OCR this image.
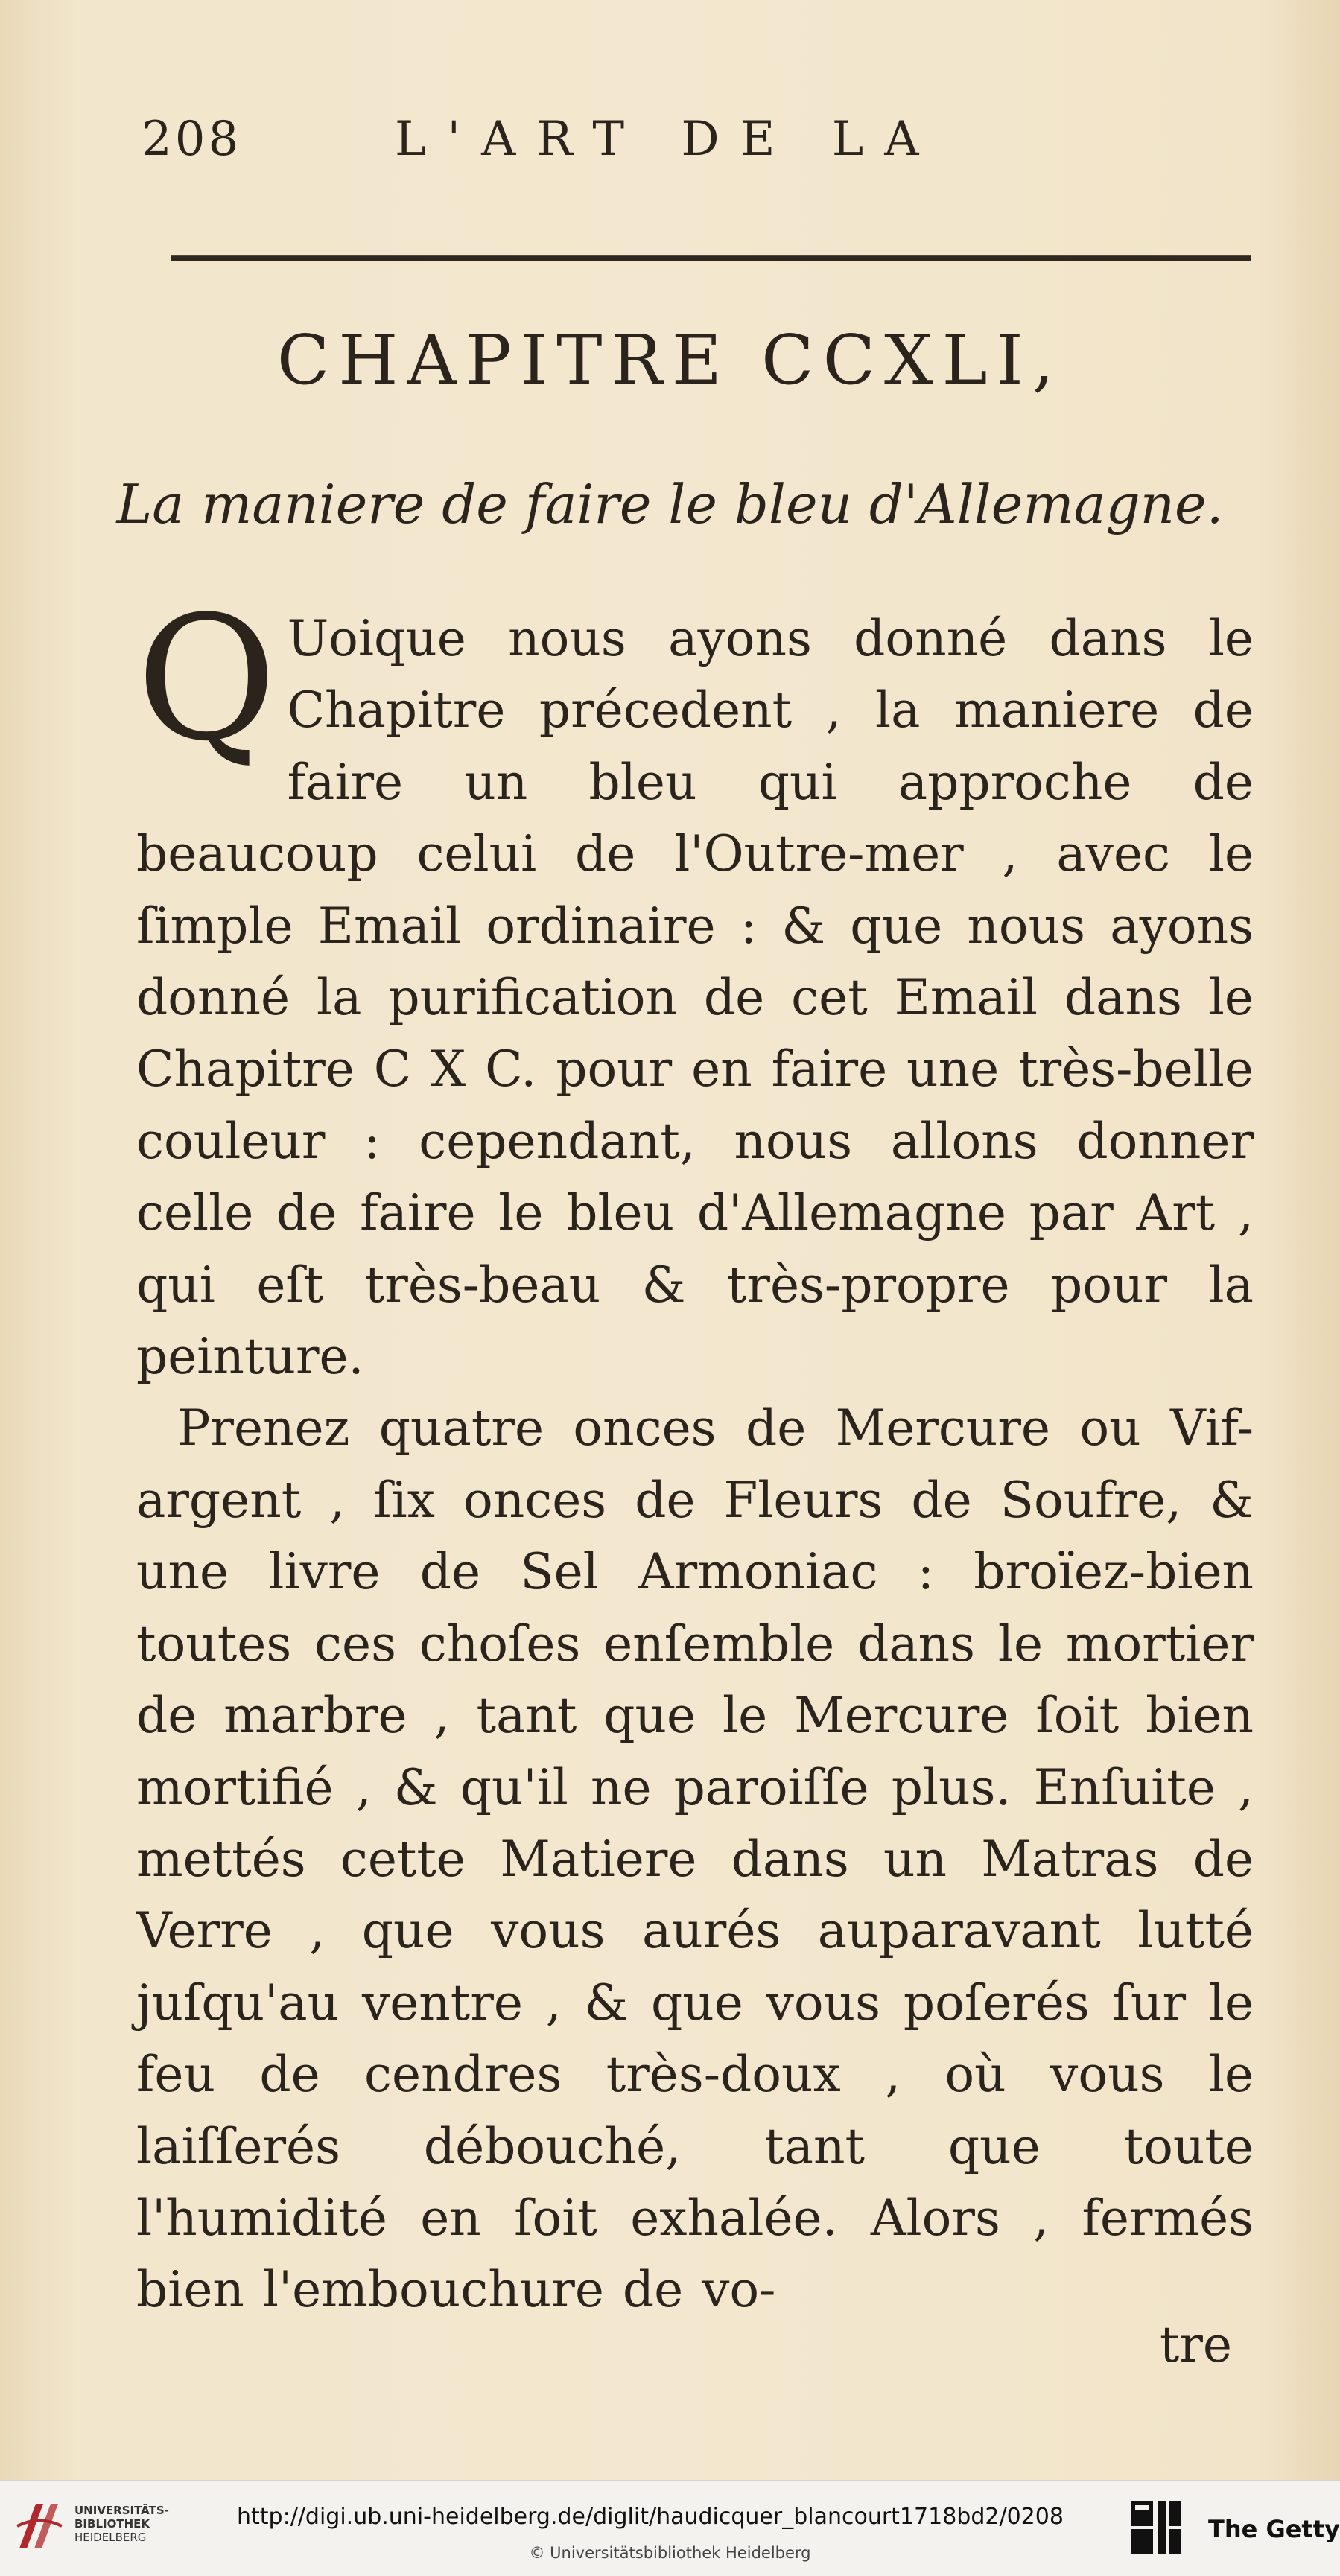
208	L'ART DE LA
CHAPITRE CCXLI,
La maniere de faire le bleu d'Allemagne.

Q Uoique nous ayons donné dans le Chapitre précedent , la maniere de faire un bleu qui approche de beaucoup celui de l'Outre-mer , avec le ſimple Email ordinaire : & que nous ayons donné la purification de cet Email dans le Chapitre C X C. pour en faire une très-belle couleur : cependant, nous allons donner celle de faire le bleu d'Allemagne par Art , qui eſt très-beau & très-propre pour la peinture.

Prenez quatre onces de Mercure ou Vif-argent , ſix onces de Fleurs de Soufre, & une livre de Sel Armoniac : broïez-bien toutes ces choſes enſemble dans le mortier de marbre , tant que le Mercure ſoit bien mortifié , & qu'il ne paroiſſe plus. Enſuite , mettés cette Matiere dans un Matras de Verre , que vous aurés auparavant lutté juſqu'au ventre , & que vous poſerés ſur le feu de cendres très-doux , où vous le laiſſerés débouché, tant que toute l'humidité en ſoit exhalée. Alors , fermés bien l'embouchure de vo-

tre
UNIVERSITÄTS-
BIBLIOTHEK
HEIDELBERG
http://digi.ub.uni-heidelberg.de/diglit/haudicquer_blancourt1718bd2/0208
© Universitätsbibliothek Heidelberg
The Getty
